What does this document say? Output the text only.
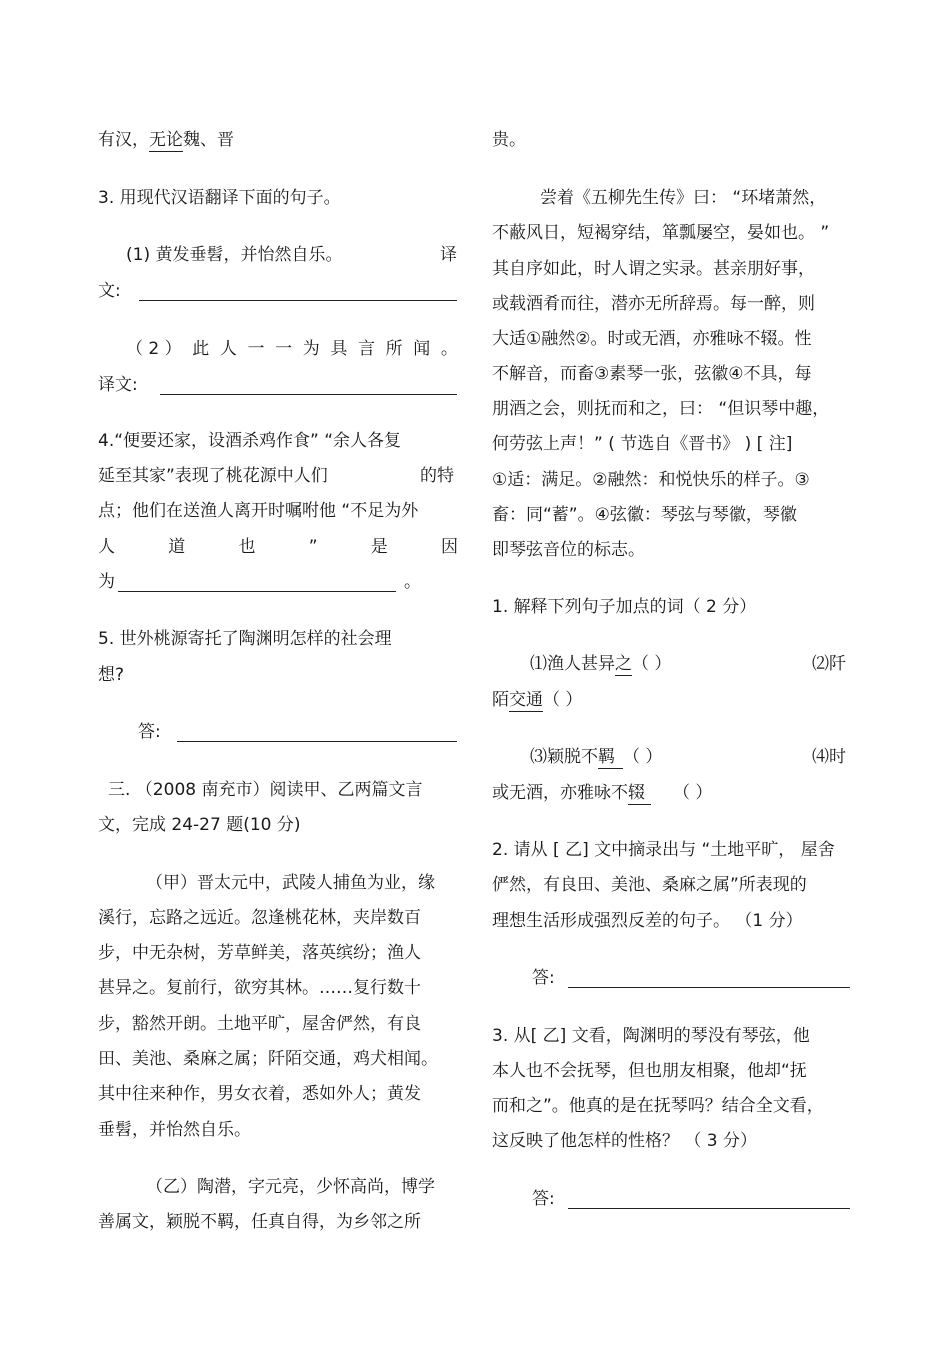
有汉，无论魏、晋
3. 用现代汉语翻译下面的句子。
(1) 黄发垂髫，并怡然自乐。	译
文:
（ 2 ） 此 人 一 一 为 具 言 所 闻 。
译文:
4.“便要还家，设酒杀鸡作食” “余人各复
延至其家”表现了桃花源中人们	的特
点；他们在送渔人离开时嘱咐他 “不足为外
人	道	也	”	是	因
为	。
5. 世外桃源寄托了陶渊明怎样的社会理
想?
答:
三. （2008 南充市）阅读甲、乙两篇文言
文，完成 24-27 题(10 分)
（甲）晋太元中，武陵人捕鱼为业，缘
溪行，忘路之远近。忽逢桃花林，夹岸数百
步，中无杂树，芳草鲜美，落英缤纷；渔人
甚异之。复前行，欲穷其林。……复行数十
步，豁然开朗。土地平旷，屋舍俨然，有良
田、美池、桑麻之属；阡陌交通，鸡犬相闻。
其中往来种作，男女衣着，悉如外人；黄发
垂髫，并怡然自乐。
（乙）陶潜，字元亮，少怀高尚，博学
善属文，颖脱不羁，任真自得，为乡邻之所
贵。
尝着《五柳先生传》曰： “环堵萧然，
不蔽风日，短褐穿结，箪瓢屡空，晏如也。 ”
其自序如此，时人谓之实录。甚亲朋好事，
或载酒肴而往，潜亦无所辞焉。每一醉，则
大适①融然②。时或无酒，亦雅咏不辍。性
不解音，而畜③素琴一张，弦徽④不具，每
朋酒之会，则抚而和之，曰： “但识琴中趣，
何劳弦上声！” ( 节选自《晋书》 ) [ 注]
①适：满足。②融然：和悦快乐的样子。③
畜：同“蓄”。④弦徽：琴弦与琴徽，琴徽
即琴弦音位的标志。
1. 解释下列句子加点的词（ 2 分）
⑴渔人甚异之（ ）	⑵阡
陌交通（ ）
⑶颖脱不羁 （ ）	⑷时
或无酒，亦雅咏不辍 （ ）
2. 请从 [ 乙] 文中摘录出与 “土地平旷， 屋舍
俨然，有良田、美池、桑麻之属”所表现的
理想生活形成强烈反差的句子。 （1 分）
答:
3. 从[ 乙] 文看，陶渊明的琴没有琴弦，他
本人也不会抚琴，但也朋友相聚，他却“抚
而和之”。他真的是在抚琴吗？结合全文看，
这反映了他怎样的性格？ （ 3 分）
答:
